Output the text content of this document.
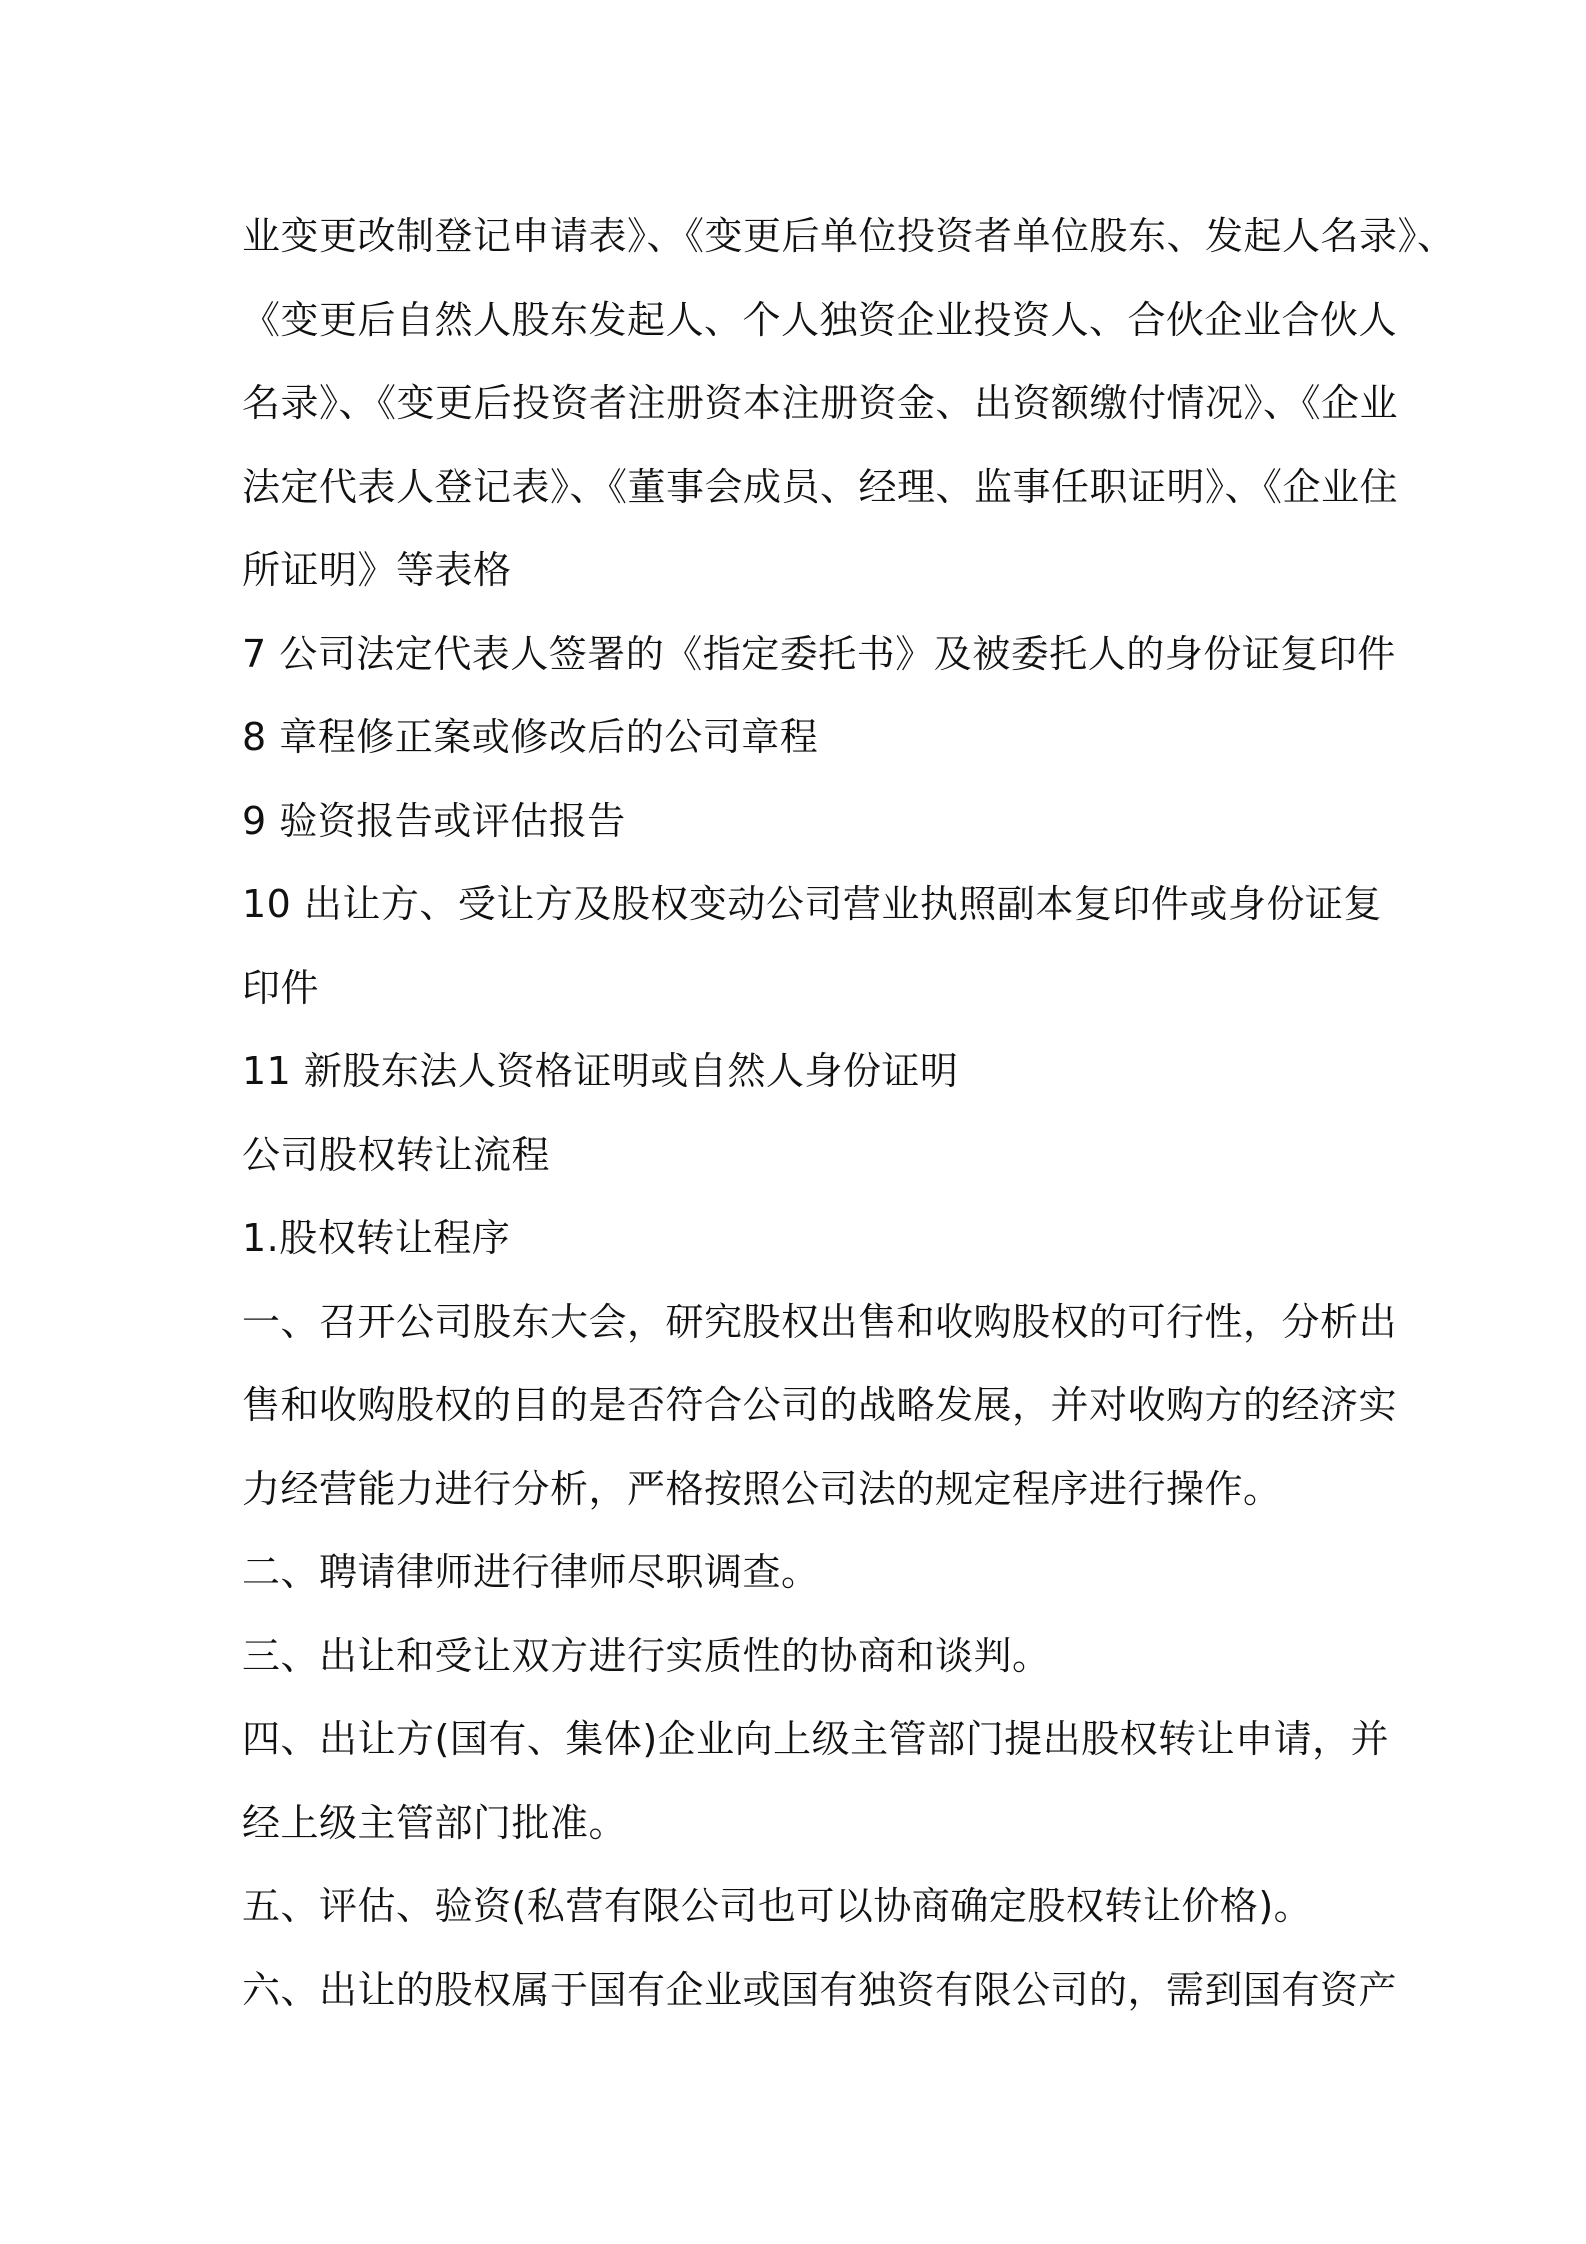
业变更改制登记申请表》、《变更后单位投资者单位股东、发起人名录》、
《变更后自然人股东发起人、个人独资企业投资人、合伙企业合伙人
名录》、《变更后投资者注册资本注册资金、出资额缴付情况》、《企业
法定代表人登记表》、《董事会成员、经理、监事任职证明》、《企业住
所证明》等表格
7 公司法定代表人签署的《指定委托书》及被委托人的身份证复印件
8 章程修正案或修改后的公司章程
9 验资报告或评估报告
10 出让方、受让方及股权变动公司营业执照副本复印件或身份证复
印件
11 新股东法人资格证明或自然人身份证明
公司股权转让流程
1.股权转让程序
一、召开公司股东大会，研究股权出售和收购股权的可行性，分析出
售和收购股权的目的是否符合公司的战略发展，并对收购方的经济实
力经营能力进行分析，严格按照公司法的规定程序进行操作。
二、聘请律师进行律师尽职调查。
三、出让和受让双方进行实质性的协商和谈判。
四、出让方(国有、集体)企业向上级主管部门提出股权转让申请，并
经上级主管部门批准。
五、评估、验资(私营有限公司也可以协商确定股权转让价格)。
六、出让的股权属于国有企业或国有独资有限公司的，需到国有资产
